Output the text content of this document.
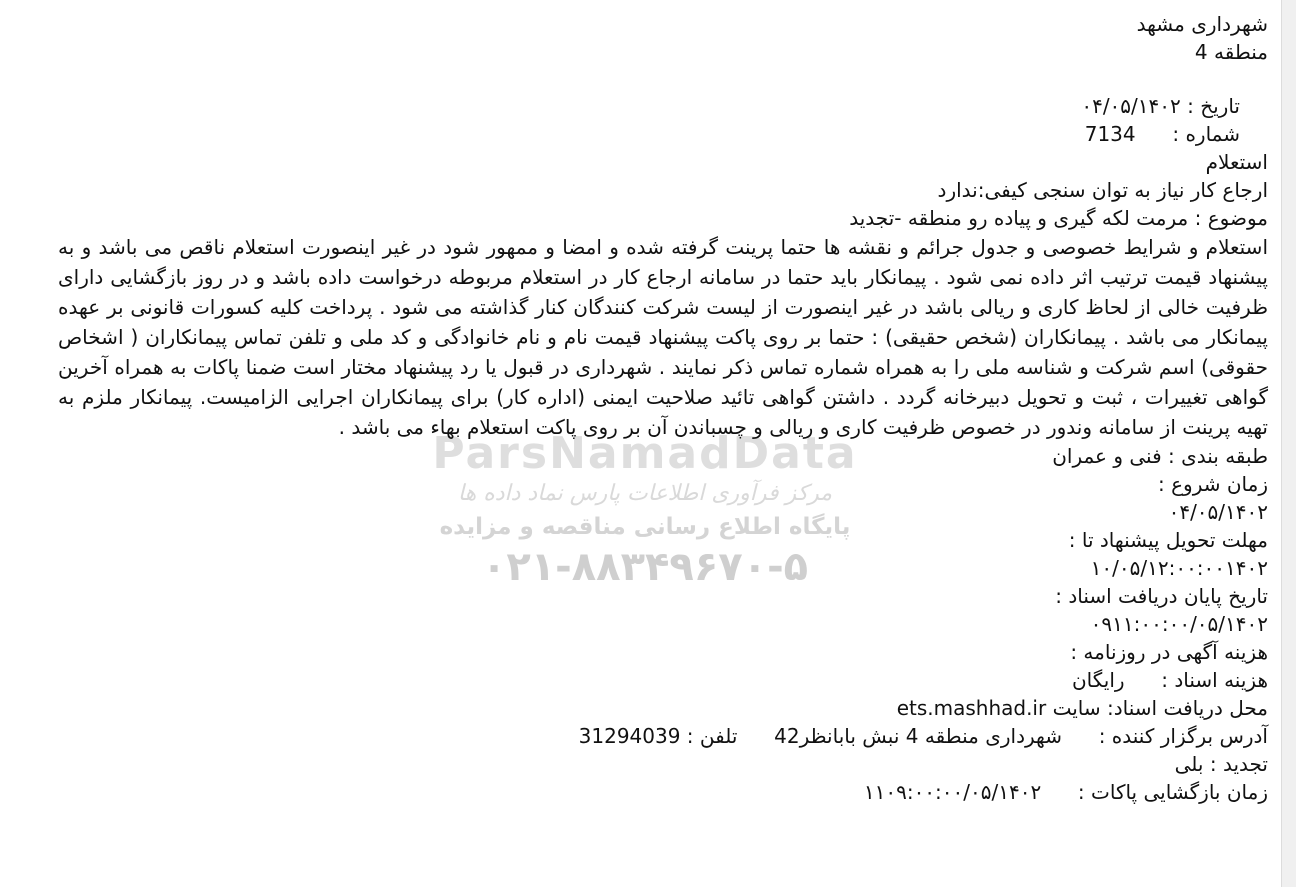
ParsNamadData
مرکز فرآوری اطلاعات پارس نماد داده ها
پایگاه اطلاع رسانی مناقصه و مزایده
۰۲۱-۸۸۳۴۹۶۷۰-۵
شهرداری مشهد
منطقه 4
تاریخ : ۰۴/۰۵/۱۴۰۲
شماره :  7134
استعلام
ارجاع کار نیاز به توان سنجی کیفی:ندارد
موضوع : مرمت لکه گیری و پیاده رو منطقه -تجدید
استعلام و شرایط خصوصی و جدول جرائم و نقشه ها حتما پرینت گرفته شده و امضا و ممهور شود در غیر اینصورت استعلام ناقص می باشد و به پیشنهاد قیمت ترتیب اثر داده نمی شود . پیمانکار باید حتما در سامانه ارجاع کار در استعلام مربوطه درخواست داده باشد و در روز بازگشایی دارای ظرفیت خالی از لحاظ کاری و ریالی باشد در غیر اینصورت از لیست شرکت کنندگان کنار گذاشته می شود . پرداخت کلیه کسورات قانونی بر عهده پیمانکار می باشد . پیمانکاران (شخص حقیقی) : حتما بر روی پاکت پیشنهاد قیمت نام و نام خانوادگی و کد ملی و تلفن تماس پیمانکاران ( اشخاص حقوقی) اسم شرکت و شناسه ملی را به همراه شماره تماس ذکر نمایند . شهرداری در قبول یا رد پیشنهاد مختار است ضمنا پاکات به همراه آخرین گواهی تغییرات ، ثبت و تحویل دبیرخانه گردد . داشتن گواهی تائید صلاحیت ایمنی (اداره کار) برای پیمانکاران اجرایی الزامیست. پیمانکار ملزم به تهیه پرینت از سامانه وندور در خصوص ظرفیت کاری و ریالی و چسباندن آن بر روی پاکت استعلام بهاء می باشد .
طبقه بندی : فنی و عمران
زمان شروع :
۰۴/۰۵/۱۴۰۲
مهلت تحویل پیشنهاد تا :
۱۰/۰۵/۱۲:۰۰:۰۰۱۴۰۲
تاریخ پایان دریافت اسناد :
۰۹۱۱:۰۰:۰۰/۰۵/۱۴۰۲
هزینه آگهی در روزنامه :
هزینه اسناد :  رایگان
محل دریافت اسناد: سایت ets.mashhad.ir
آدرس برگزار کننده :  شهرداری منطقه 4 نبش بابانظر42  تلفن : 31294039
تجدید : بلی
زمان بازگشایی پاکات :  ۱۱۰۹:۰۰:۰۰/۰۵/۱۴۰۲
